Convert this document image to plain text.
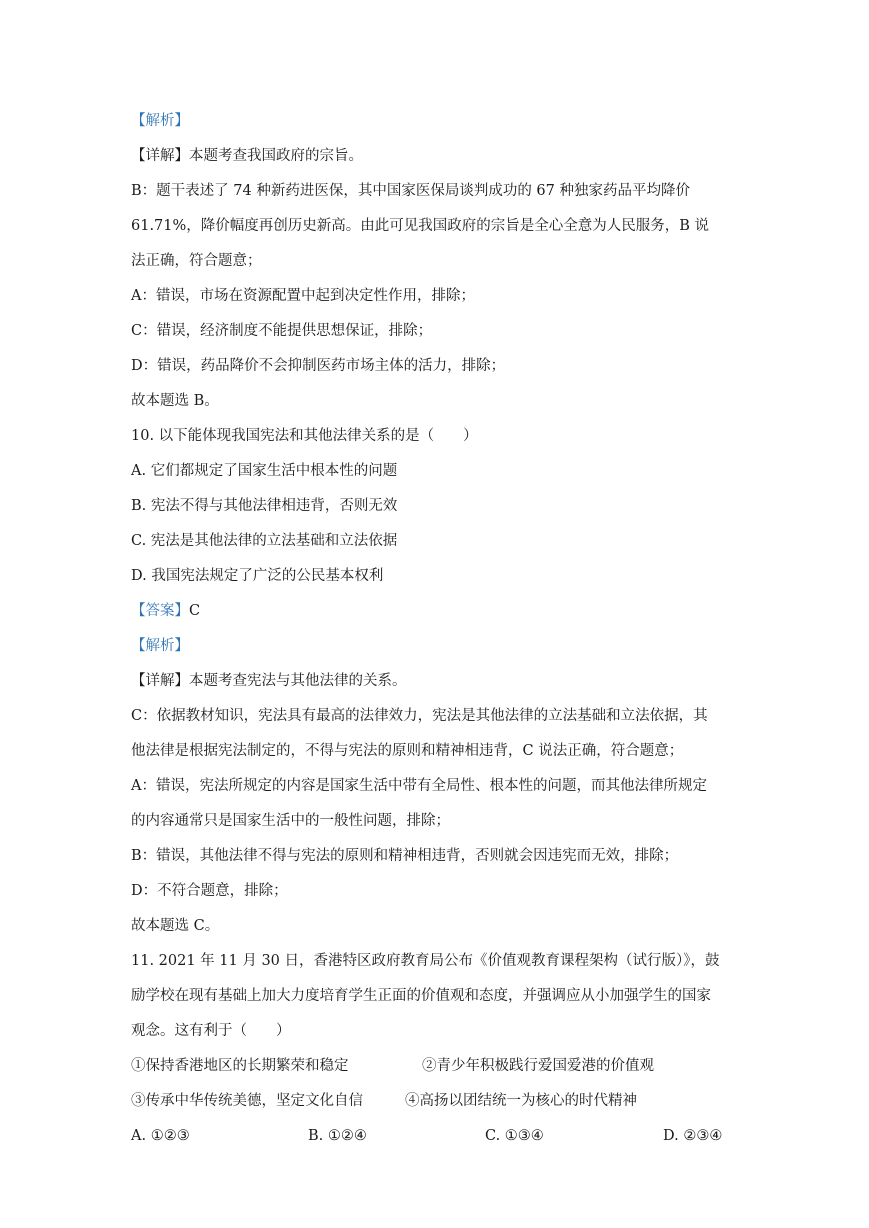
【解析】
【详解】本题考查我国政府的宗旨。
B：题干表述了 74 种新药进医保，其中国家医保局谈判成功的 67 种独家药品平均降价
61.71%，降价幅度再创历史新高。由此可见我国政府的宗旨是全心全意为人民服务，B 说
法正确，符合题意；
A：错误，市场在资源配置中起到决定性作用，排除；
C：错误，经济制度不能提供思想保证，排除；
D：错误，药品降价不会抑制医药市场主体的活力，排除；
故本题选 B。
10. 以下能体现我国宪法和其他法律关系的是（　　）
A. 它们都规定了国家生活中根本性的问题
B. 宪法不得与其他法律相违背，否则无效
C. 宪法是其他法律的立法基础和立法依据
D. 我国宪法规定了广泛的公民基本权利
【答案】C
【解析】
【详解】本题考查宪法与其他法律的关系。
C：依据教材知识，宪法具有最高的法律效力，宪法是其他法律的立法基础和立法依据，其
他法律是根据宪法制定的，不得与宪法的原则和精神相违背，C 说法正确，符合题意；
A：错误，宪法所规定的内容是国家生活中带有全局性、根本性的问题，而其他法律所规定
的内容通常只是国家生活中的一般性问题，排除；
B：错误，其他法律不得与宪法的原则和精神相违背，否则就会因违宪而无效，排除；
D：不符合题意，排除；
故本题选 C。
11. 2021 年 11 月 30 日，香港特区政府教育局公布《价值观教育课程架构（试行版）》，鼓
励学校在现有基础上加大力度培育学生正面的价值观和态度，并强调应从小加强学生的国家
观念。这有利于（　　）
①保持香港地区的长期繁荣和稳定	②青少年积极践行爱国爱港的价值观
③传承中华传统美德，坚定文化自信	④高扬以团结统一为核心的时代精神
A. ①②③	B. ①②④	C. ①③④	D. ②③④
